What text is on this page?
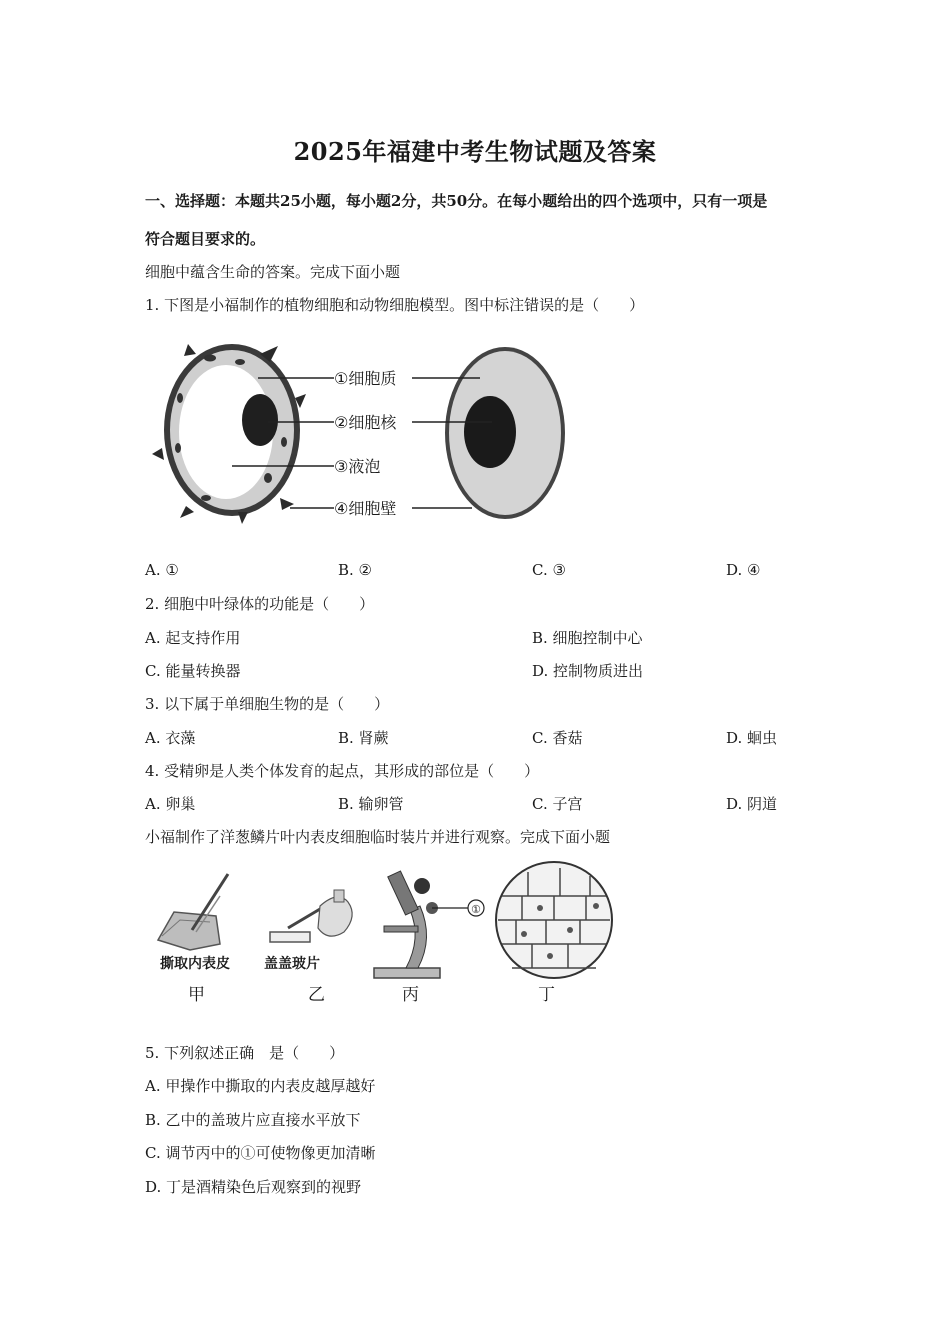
2025年福建中考生物试题及答案
一、选择题：本题共25小题，每小题2分，共50分。在每小题给出的四个选项中，只有一项是
符合题目要求的。
细胞中蕴含生命的答案。完成下面小题
1. 下图是小福制作的植物细胞和动物细胞模型。图中标注错误的是（　　）
①细胞质
②细胞核
③液泡
④细胞壁
A. ①	B. ②	C. ③	D. ④
2. 细胞中叶绿体的功能是（　　）
A. 起支持作用	B. 细胞控制中心
C. 能量转换器	D. 控制物质进出
3. 以下属于单细胞生物的是（　　）
A. 衣藻	B. 肾蕨	C. 香菇	D. 蛔虫
4. 受精卵是人类个体发育的起点，其形成的部位是（　　）
A. 卵巢	B. 输卵管	C. 子宫	D. 阴道
小福制作了洋葱鳞片叶内表皮细胞临时装片并进行观察。完成下面小题
①
撕取内表皮 盖盖玻片
甲	乙	丙	丁
5. 下列叙述正确　是（　　）
A. 甲操作中撕取的内表皮越厚越好
B. 乙中的盖玻片应直接水平放下
C. 调节丙中的①可使物像更加清晰
D. 丁是酒精染色后观察到的视野
